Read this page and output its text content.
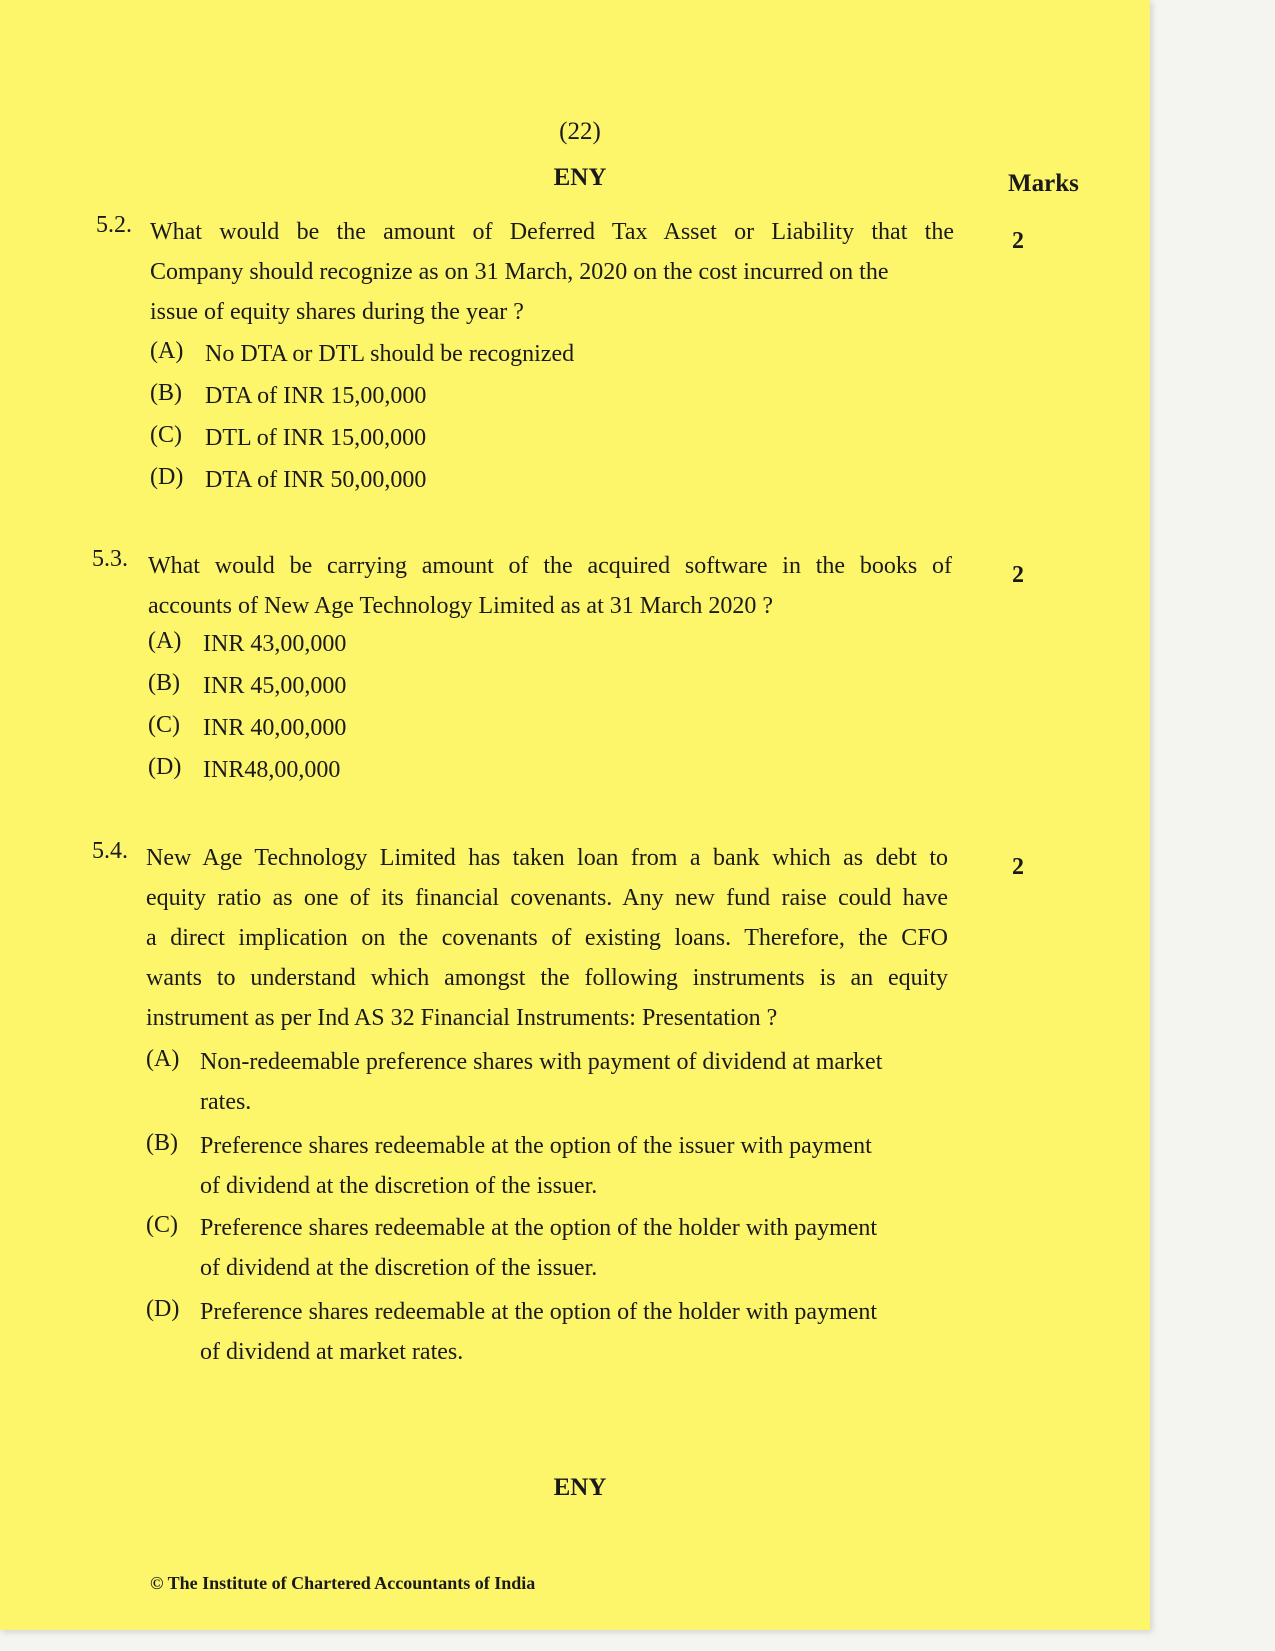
(22)

ENY	Marks

5.2. What would be the amount of Deferred Tax Asset or Liability that the
Company should recognize as on 31 March, 2020 on the cost incurred on the
issue of equity shares during the year ?

2

(A) No DTA or DTL should be recognized

(B) DTA of INR 15,00,000

(C) DTL of INR 15,00,000

(D) DTA of INR 50,00,000

5.3. What would be carrying amount of the acquired software in the books of
accounts of New Age Technology Limited as at 31 March 2020 ?

2

(A) INR 43,00,000

(B) INR 45,00,000

(C) INR 40,00,000

(D) INR48,00,000

5.4. New Age Technology Limited has taken loan from a bank which as debt to
equity ratio as one of its financial covenants. Any new fund raise could have
a direct implication on the covenants of existing loans. Therefore, the CFO
wants to understand which amongst the following instruments is an equity
instrument as per Ind AS 32 Financial Instruments: Presentation ?

2

(A) Non-redeemable preference shares with payment of dividend at market
rates.

(B) Preference shares redeemable at the option of the issuer with payment
of dividend at the discretion of the issuer.

(C) Preference shares redeemable at the option of the holder with payment
of dividend at the discretion of the issuer.

(D) Preference shares redeemable at the option of the holder with payment
of dividend at market rates.

ENY

© The Institute of Chartered Accountants of India
